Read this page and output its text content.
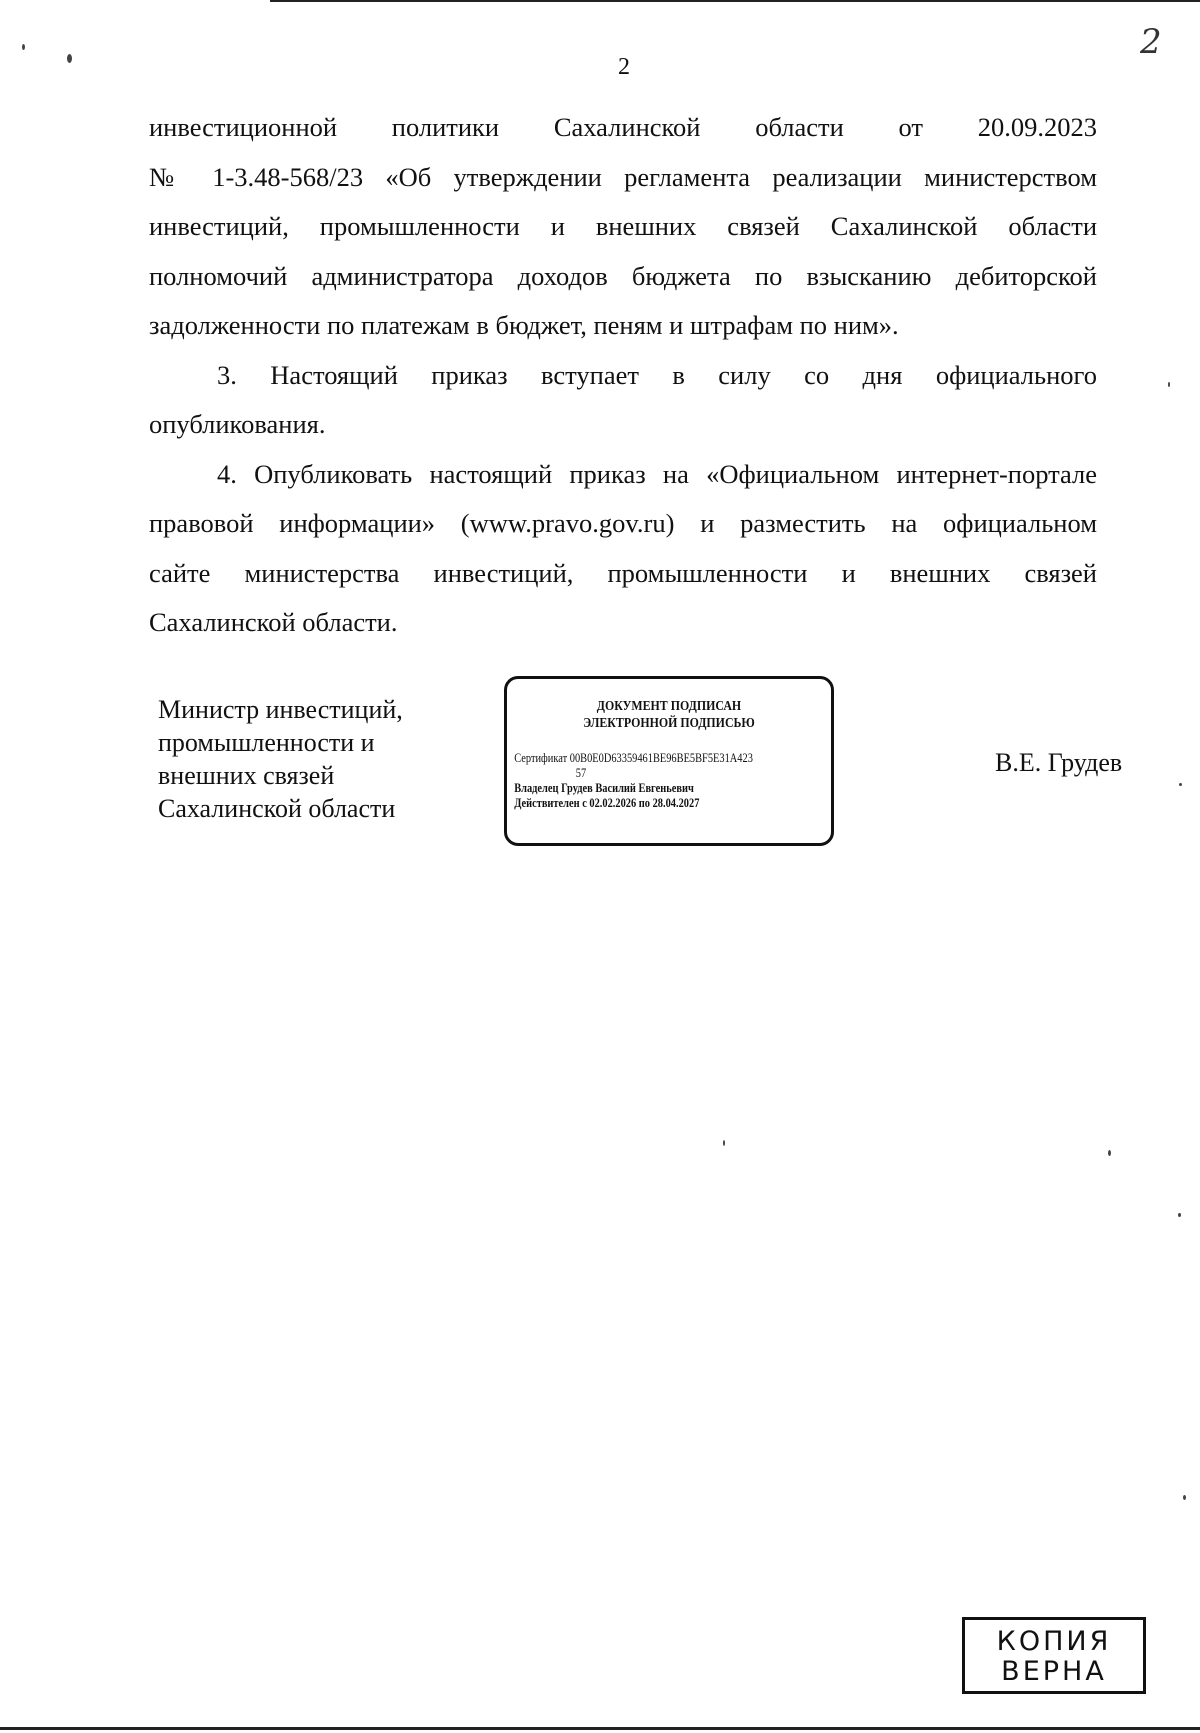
2
2
инвестиционной политики Сахалинской области от 20.09.2023
№ 1-3.48-568/23 «Об утверждении регламента реализации министерством
инвестиций, промышленности и внешних связей Сахалинской области
полномочий администратора доходов бюджета по взысканию дебиторской
задолженности по платежам в бюджет, пеням и штрафам по ним».
3. Настоящий приказ вступает в силу со дня официального
опубликования.
4. Опубликовать настоящий приказ на «Официальном интернет-портале
правовой информации» (www.pravo.gov.ru) и разместить на официальном
сайте министерства инвестиций, промышленности и внешних связей
Сахалинской области.
Министр инвестиций,
промышленности и
внешних связей
Сахалинской области
ДОКУМЕНТ ПОДПИСАН
ЭЛЕКТРОННОЙ ПОДПИСЬЮ
Сертификат 00B0E0D63359461BE96BE5BF5E31A423
57
Владелец Грудев Василий Евгеньевич
Действителен с 02.02.2026 по 28.04.2027
В.Е. Грудев
КОПИЯ
ВЕРНА
